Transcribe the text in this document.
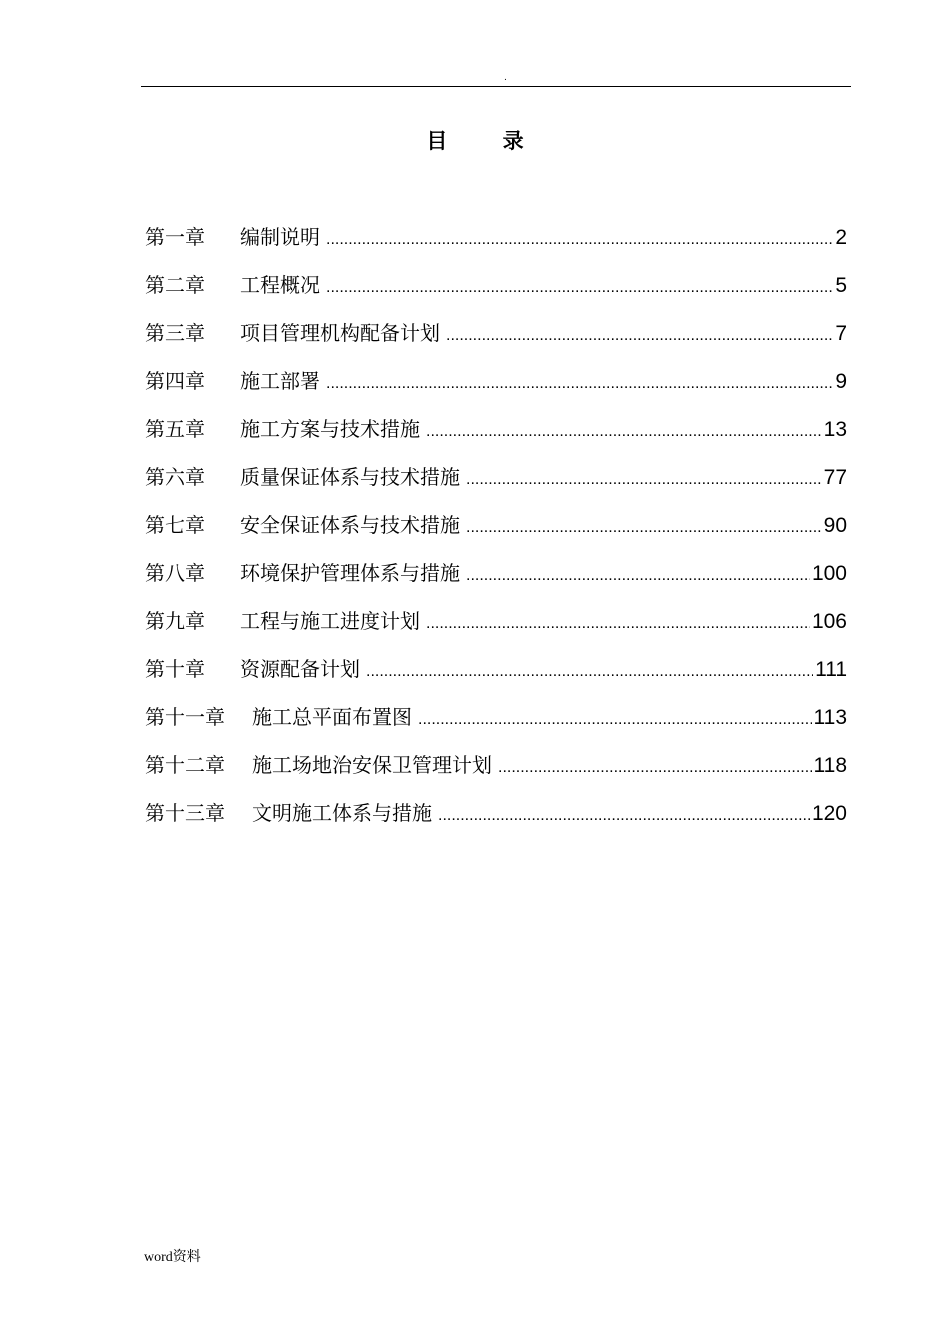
.
目 录
第一章	编制说明 .....	2
第二章	工程概况 .....	5
第三章	项目管理机构配备计划 .....	7
第四章	施工部署 .....	9
第五章	施工方案与技术措施 .....	13
第六章	质量保证体系与技术措施 .....	77
第七章	安全保证体系与技术措施 .....	90
第八章	环境保护管理体系与措施 .....	100
第九章	工程与施工进度计划 .....	106
第十章	资源配备计划 .....	111
第十一章	施工总平面布置图 .....	113
第十二章	施工场地治安保卫管理计划 .....	118
第十三章	文明施工体系与措施 .....	120
word资料
